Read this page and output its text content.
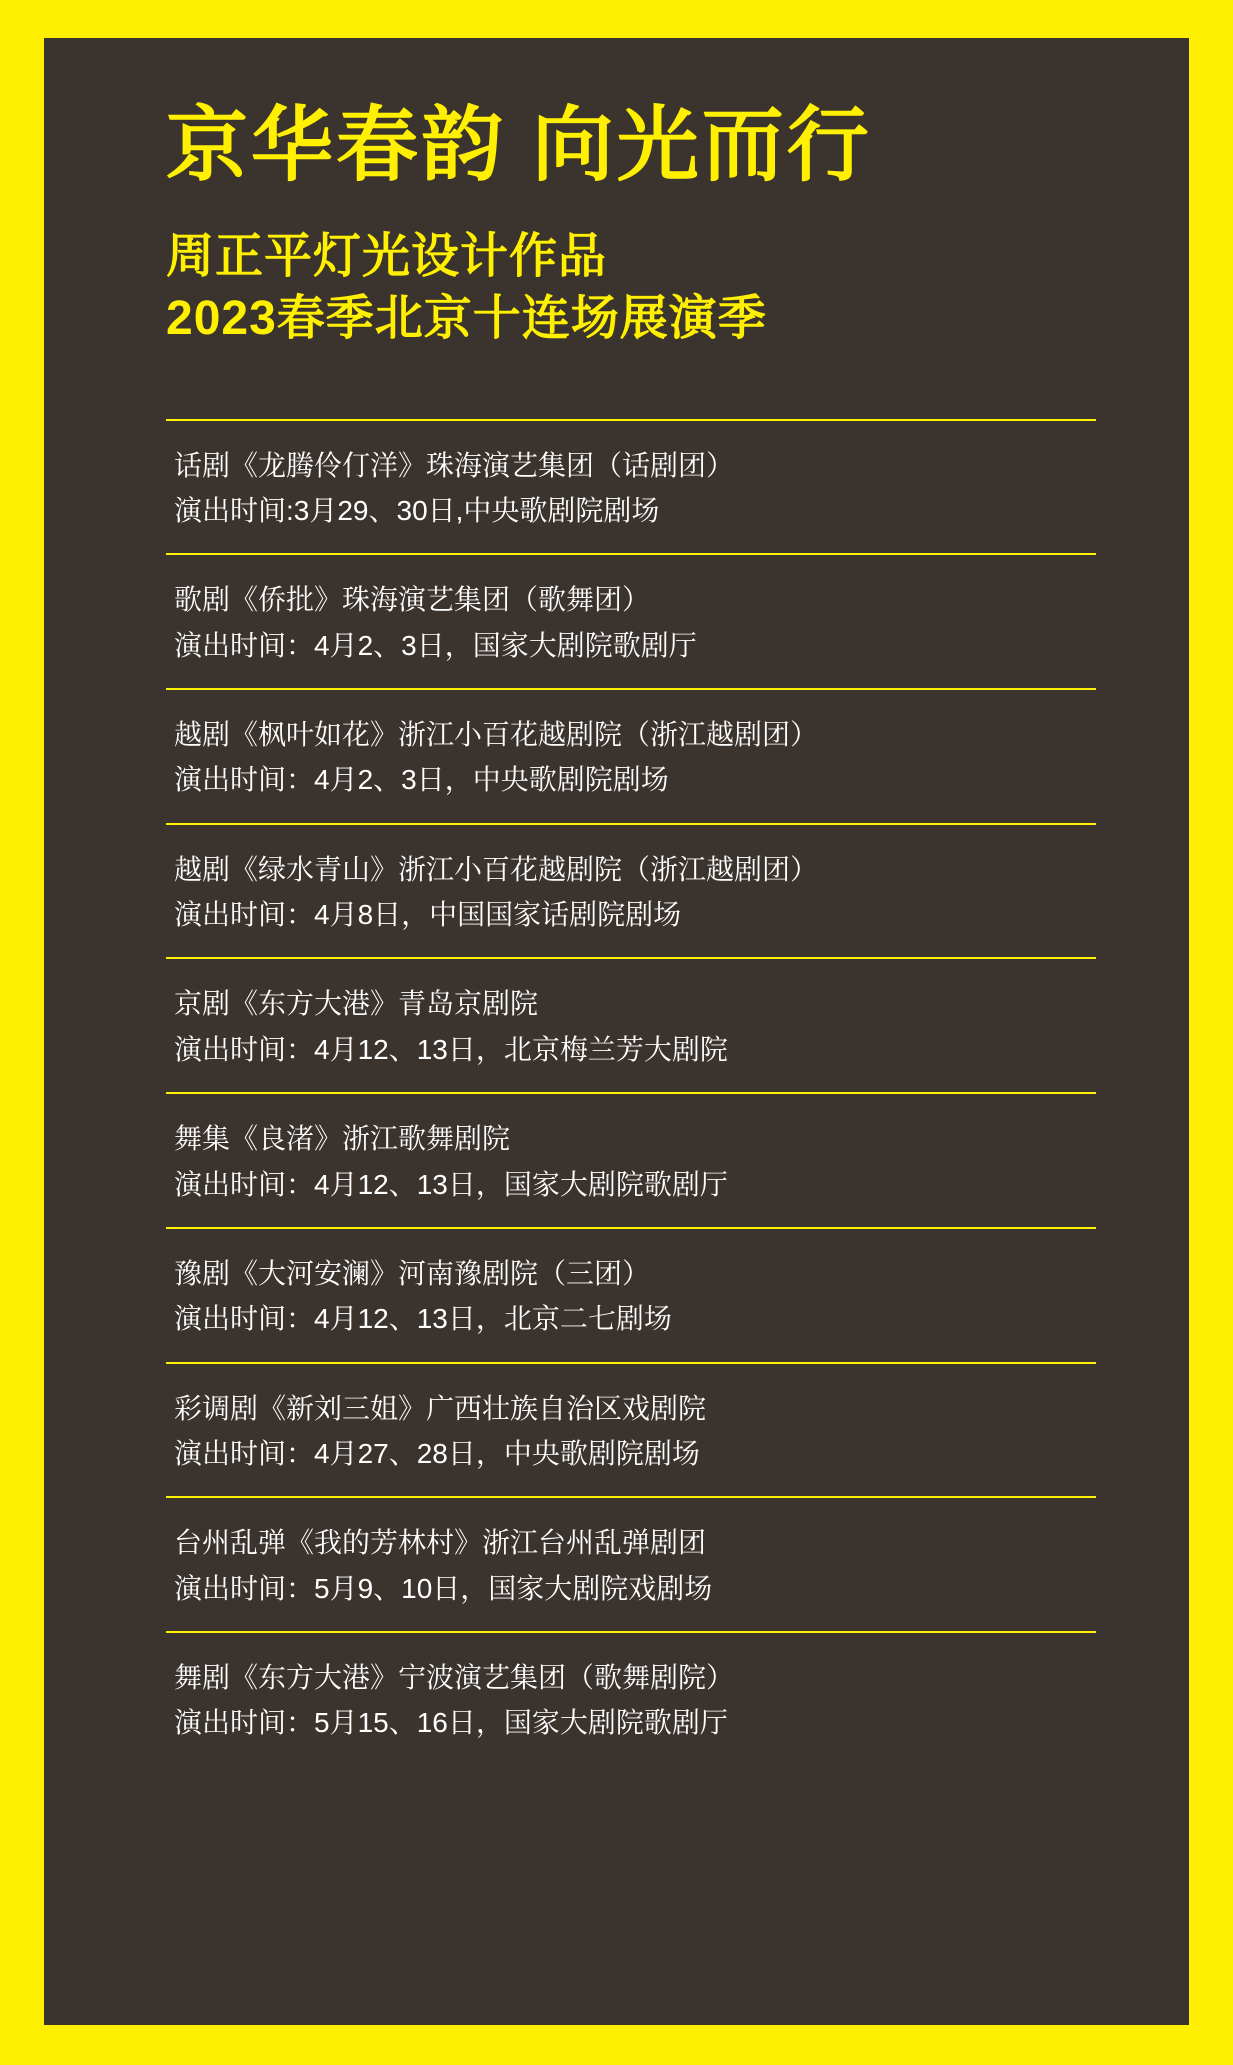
京华春韵 向光而行
周正平灯光设计作品
2023春季北京十连场展演季
话剧《龙腾伶仃洋》珠海演艺集团（话剧团）
演出时间:3月29、30日,中央歌剧院剧场
歌剧《侨批》珠海演艺集团（歌舞团）
演出时间：4月2、3日，国家大剧院歌剧厅
越剧《枫叶如花》浙江小百花越剧院（浙江越剧团）
演出时间：4月2、3日，中央歌剧院剧场
越剧《绿水青山》浙江小百花越剧院（浙江越剧团）
演出时间：4月8日，中国国家话剧院剧场
京剧《东方大港》青岛京剧院
演出时间：4月12、13日，北京梅兰芳大剧院
舞集《良渚》浙江歌舞剧院
演出时间：4月12、13日，国家大剧院歌剧厅
豫剧《大河安澜》河南豫剧院（三团）
演出时间：4月12、13日，北京二七剧场
彩调剧《新刘三姐》广西壮族自治区戏剧院
演出时间：4月27、28日，中央歌剧院剧场
台州乱弹《我的芳林村》浙江台州乱弹剧团
演出时间：5月9、10日，国家大剧院戏剧场
舞剧《东方大港》宁波演艺集团（歌舞剧院）
演出时间：5月15、16日，国家大剧院歌剧厅
